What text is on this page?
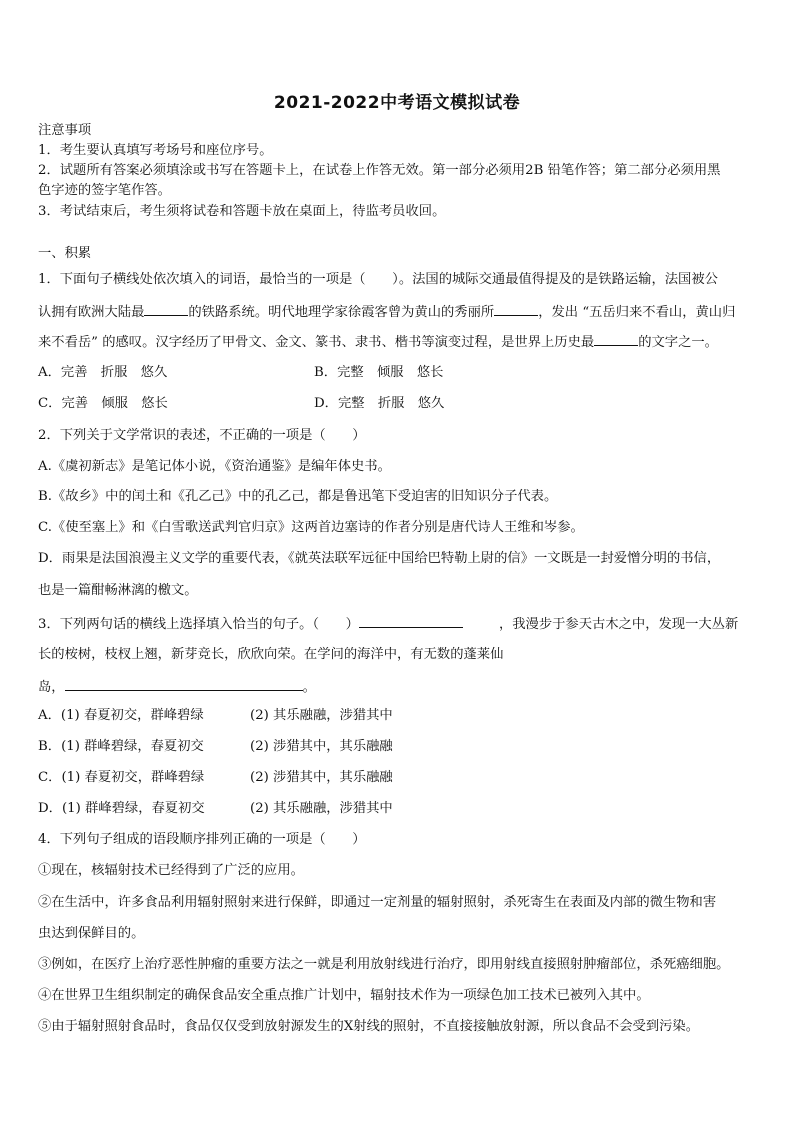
2021-2022中考语文模拟试卷
注意事项
1．考生要认真填写考场号和座位序号。
2．试题所有答案必须填涂或书写在答题卡上，在试卷上作答无效。第一部分必须用2B 铅笔作答；第二部分必须用黑
色字迹的签字笔作答。
3．考试结束后，考生须将试卷和答题卡放在桌面上，待监考员收回。
一、积累
1．下面句子横线处依次填入的词语，最恰当的一项是（　　）。法国的城际交通最值得提及的是铁路运输，法国被公
认拥有欧洲大陆最	的铁路系统。明代地理学家徐霞客曾为黄山的秀丽所	，发出 “五岳归来不看山，黄山归
来不看岳” 的感叹。汉字经历了甲骨文、金文、篆书、隶书、楷书等演变过程，是世界上历史最	的文字之一。
A．完善　折服　悠久	B．完整　倾服　悠长
C．完善　倾服　悠长	D．完整　折服　悠久
2．下列关于文学常识的表述，不正确的一项是（　　）
A.《虞初新志》是笔记体小说，《资治通鉴》是编年体史书。
B.《故乡》中的闰土和《孔乙己》中的孔乙己，都是鲁迅笔下受迫害的旧知识分子代表。
C.《使至塞上》和《白雪歌送武判官归京》这两首边塞诗的作者分别是唐代诗人王维和岑参。
D．雨果是法国浪漫主义文学的重要代表，《就英法联军远征中国给巴特勒上尉的信》一文既是一封爱憎分明的书信，
也是一篇酣畅淋漓的檄文。
3．下列两句话的横线上选择填入恰当的句子。（　　）	，我漫步于参天古木之中，发现一大丛新
长的桉树，枝杈上翘，新芽竞长，欣欣向荣。在学问的海洋中，有无数的蓬莱仙
岛，	。
A．(1) 春夏初交，群峰碧绿	(2) 其乐融融，涉猎其中
B．(1) 群峰碧绿，春夏初交	(2) 涉猎其中，其乐融融
C．(1) 春夏初交，群峰碧绿	(2) 涉猎其中，其乐融融
D．(1) 群峰碧绿，春夏初交	(2) 其乐融融，涉猎其中
4．下列句子组成的语段顺序排列正确的一项是（　　）
①现在，核辐射技术已经得到了广泛的应用。
②在生活中，许多食品利用辐射照射来进行保鲜，即通过一定剂量的辐射照射，杀死寄生在表面及内部的微生物和害
虫达到保鲜目的。
③例如，在医疗上治疗恶性肿瘤的重要方法之一就是利用放射线进行治疗，即用射线直接照射肿瘤部位，杀死癌细胞。
④在世界卫生组织制定的确保食品安全重点推广计划中，辐射技术作为一项绿色加工技术已被列入其中。
⑤由于辐射照射食品时，食品仅仅受到放射源发生的X射线的照射，不直接接触放射源，所以食品不会受到污染。
